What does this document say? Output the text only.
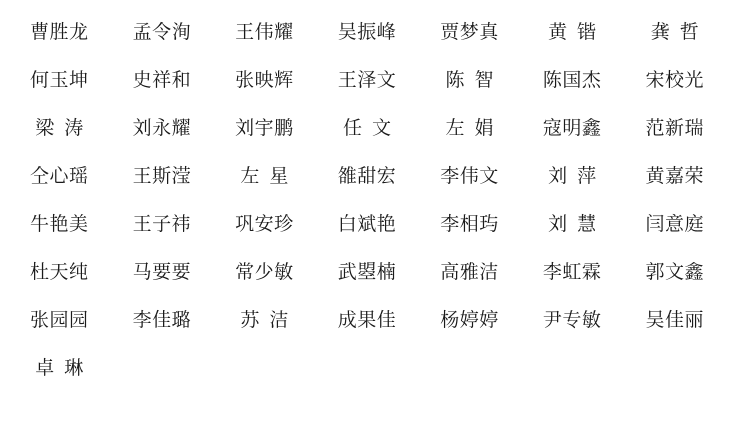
曹胜龙	孟令洵	王伟耀	吴振峰	贾梦真	黄锴	龚哲
何玉坤	史祥和	张映辉	王泽文	陈智	陈国杰	宋校光
梁涛	刘永耀	刘宇鹏	任文	左娟	寇明鑫	范新瑞
仝心瑶	王斯滢	左星	雒甜宏	李伟文	刘萍	黄嘉荣
牛艳美	王子祎	巩安珍	白斌艳	李相玙	刘慧	闫意庭
杜天纯	马要要	常少敏	武曌楠	高雅洁	李虹霖	郭文鑫
张园园	李佳璐	苏洁	成果佳	杨婷婷	尹专敏	吴佳丽
卓琳
